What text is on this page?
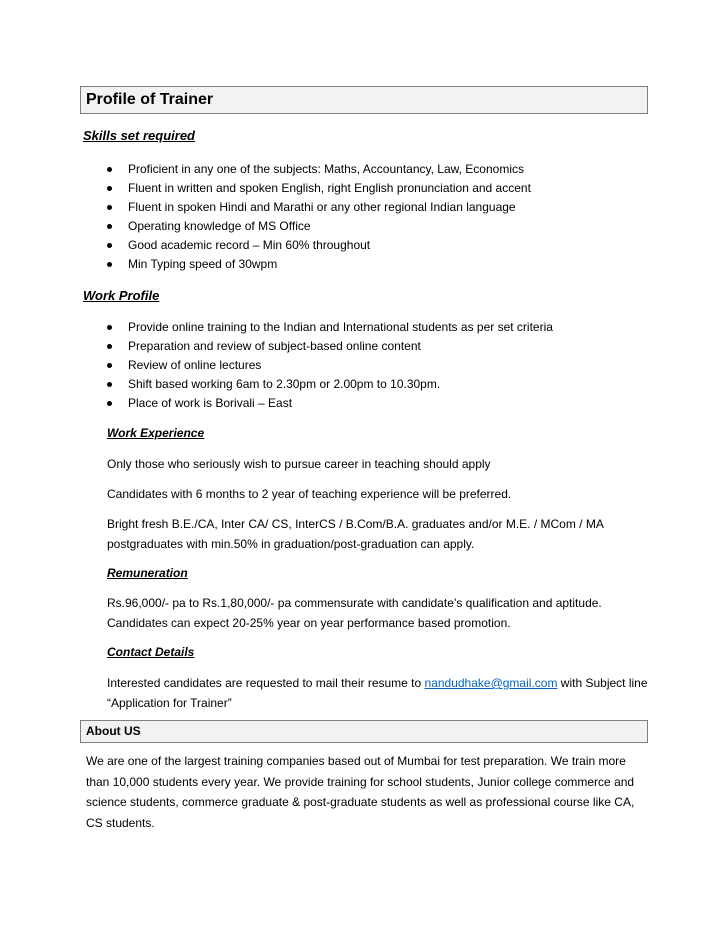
Profile of Trainer
Skills set required
Proficient in any one of the subjects: Maths, Accountancy, Law, Economics
Fluent in written and spoken English, right English pronunciation and accent
Fluent in spoken Hindi and Marathi or any other regional Indian language
Operating knowledge of MS Office
Good academic record – Min 60% throughout
Min Typing speed of 30wpm
Work Profile
Provide online training to the Indian and International students as per set criteria
Preparation and review of subject-based online content
Review of online lectures
Shift based working 6am to 2.30pm or 2.00pm to 10.30pm.
Place of work is Borivali – East
Work Experience
Only those who seriously wish to pursue career in teaching should apply
Candidates with 6 months to 2 year of teaching experience will be preferred.
Bright fresh B.E./CA, Inter CA/ CS, InterCS / B.Com/B.A. graduates and/or M.E. / MCom / MA postgraduates with min.50% in graduation/post-graduation can apply.
Remuneration
Rs.96,000/- pa to Rs.1,80,000/- pa commensurate with candidate’s qualification and aptitude. Candidates can expect 20-25% year on year performance based promotion.
Contact Details
Interested candidates are requested to mail their resume to nandudhake@gmail.com with Subject line “Application for Trainer”
About US
We are one of the largest training companies based out of Mumbai for test preparation. We train more than 10,000 students every year. We provide training for school students, Junior college commerce and science students, commerce graduate & post-graduate students as well as professional course like CA, CS students.
